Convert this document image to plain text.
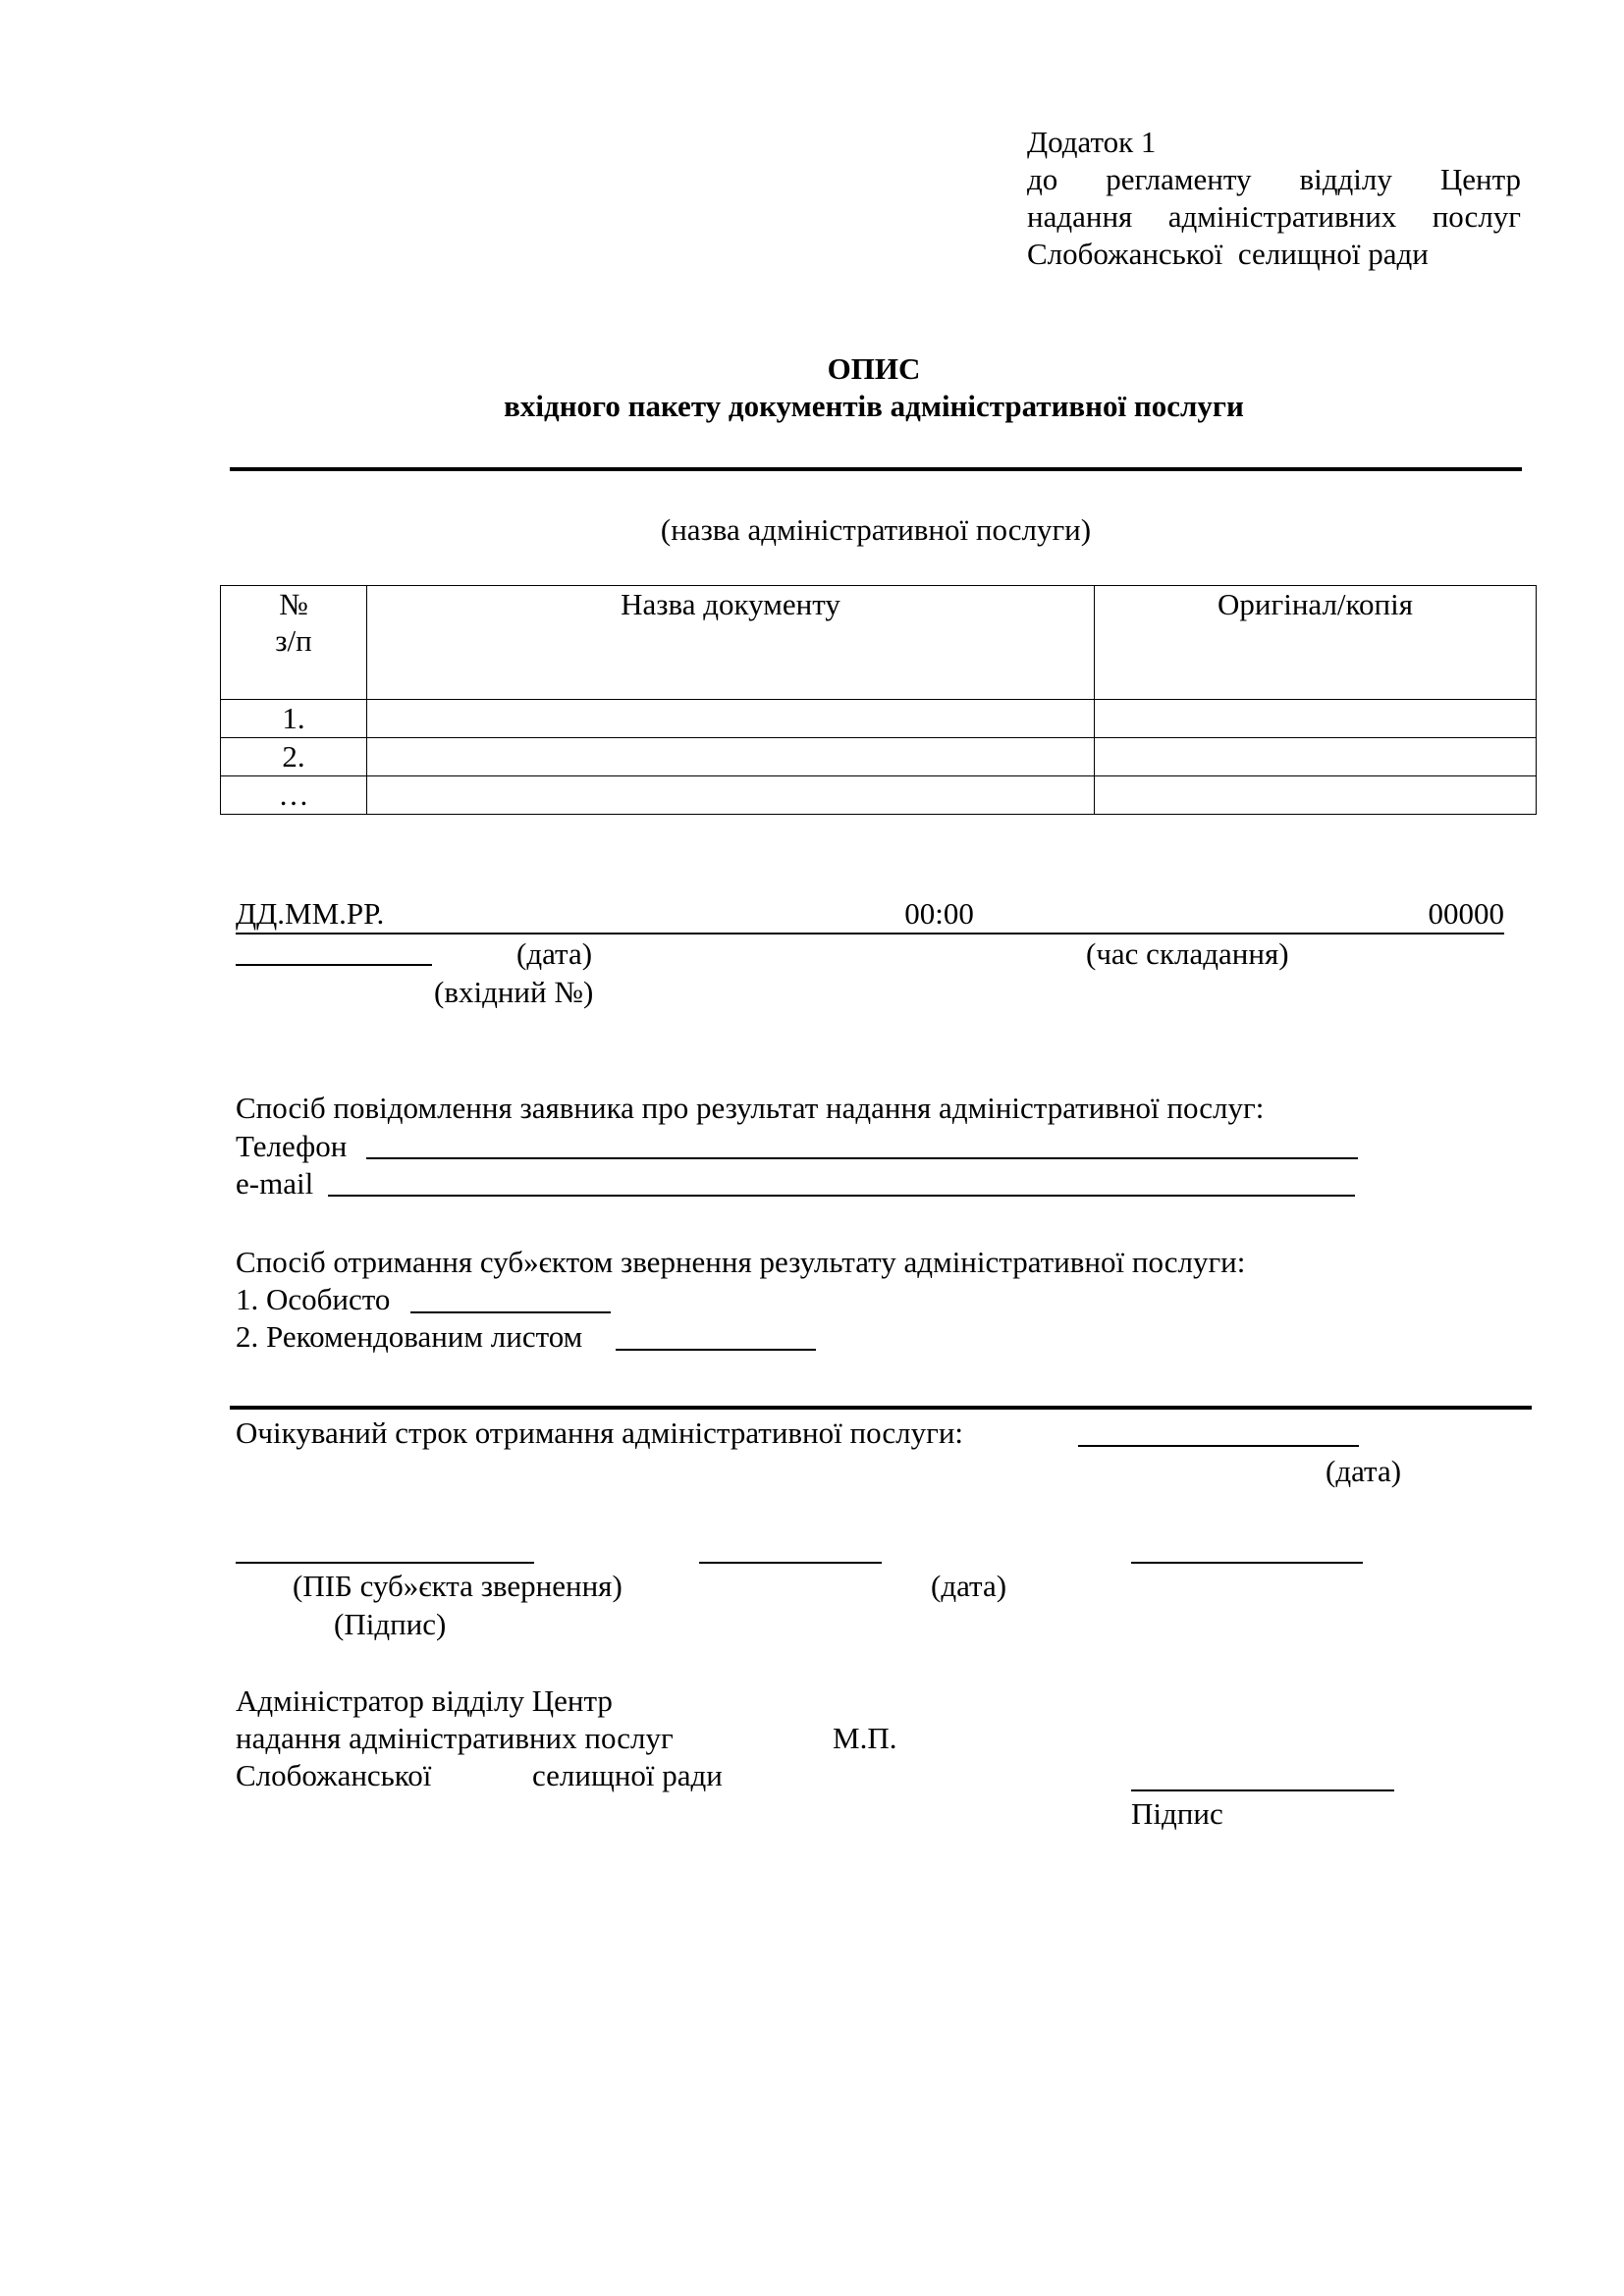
Додаток 1
до регламенту відділу Центр
надання адміністративних послуг
Слобожанської  селищної ради
ОПИС
вхідного пакету документів адміністративної послуги
(назва адміністративної послуги)
№
з/п	Назва документу	Оригінал/копія
1.		
2.		
…		
ДД.ММ.РР.	00:00	00000
(дата)	(час складання)
(вхідний №)
Спосіб повідомлення заявника про результат надання адміністративної послуг:
Телефон
e-mail
Спосіб отримання суб»єктом звернення результату адміністративної послуги:
1. Особисто
2. Рекомендованим листом
Очікуваний строк отримання адміністративної послуги:
(дата)
(ПІБ суб»єкта звернення)	(дата)
(Підпис)
Адміністратор відділу Центр
надання адміністративних послуг	М.П.
Слобожанської	селищної ради
Підпис
